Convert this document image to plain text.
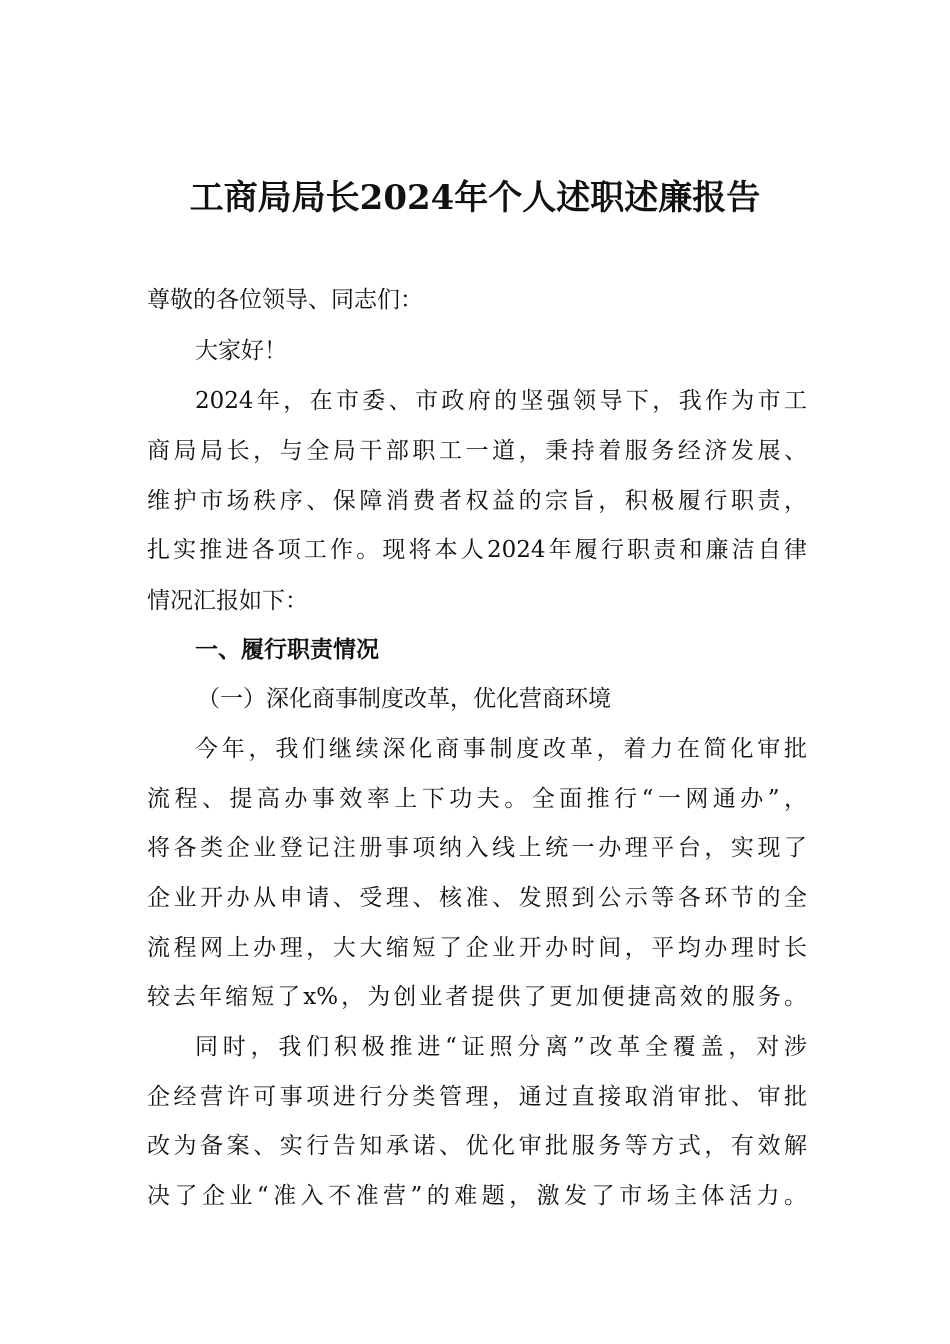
工商局局长2024年个人述职述廉报告
尊敬的各位领导、同志们：
大家好！
2024年，在市委、市政府的坚强领导下，我作为市工
商局局长，与全局干部职工一道，秉持着服务经济发展、
维护市场秩序、保障消费者权益的宗旨，积极履行职责，
扎实推进各项工作。现将本人2024年履行职责和廉洁自律
情况汇报如下：
一、履行职责情况
（一）深化商事制度改革，优化营商环境
今年，我们继续深化商事制度改革，着力在简化审批
流程、提高办事效率上下功夫。全面推行“一网通办”，
将各类企业登记注册事项纳入线上统一办理平台，实现了
企业开办从申请、受理、核准、发照到公示等各环节的全
流程网上办理，大大缩短了企业开办时间，平均办理时长
较去年缩短了x%，为创业者提供了更加便捷高效的服务。
同时，我们积极推进“证照分离”改革全覆盖，对涉
企经营许可事项进行分类管理，通过直接取消审批、审批
改为备案、实行告知承诺、优化审批服务等方式，有效解
决了企业“准入不准营”的难题，激发了市场主体活力。
